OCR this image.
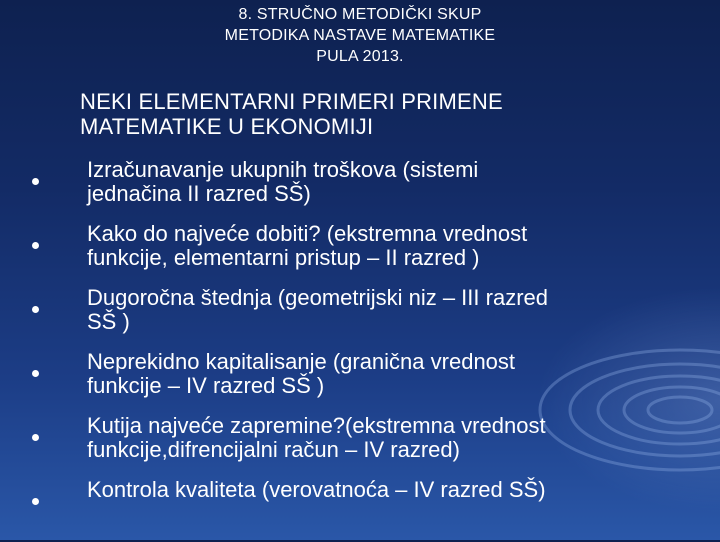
8. STRUČNO METODIČKI SKUP
METODIKA NASTAVE MATEMATIKE
PULA 2013.
NEKI ELEMENTARNI PRIMERI PRIMENE
MATEMATIKE U EKONOMIJI
Izračunavanje ukupnih troškova (sistemi
jednačina II razred SŠ)
Kako do najveće dobiti? (ekstremna vrednost
funkcije, elementarni pristup – II razred )
Dugoročna štednja (geometrijski niz – III razred
SŠ )
Neprekidno kapitalisanje (granična vrednost
funkcije – IV razred SŠ )
Kutija najveće zapremine?(ekstremna vrednost
funkcije,difrencijalni račun – IV razred)
Kontrola kvaliteta (verovatnoća – IV razred SŠ)
